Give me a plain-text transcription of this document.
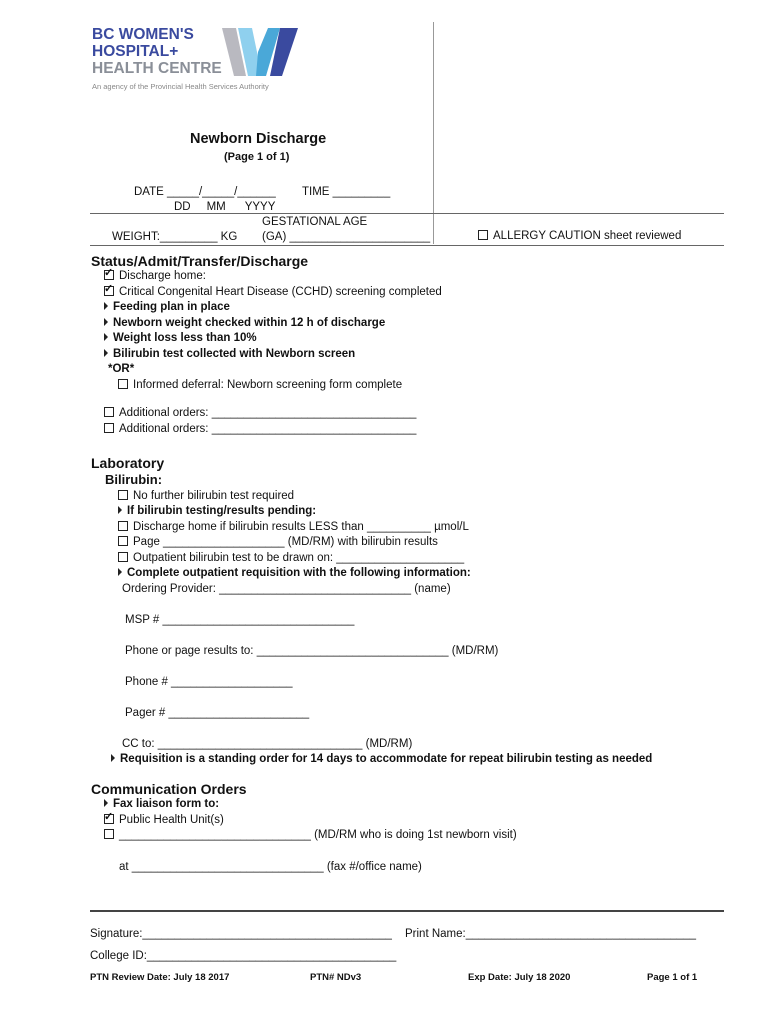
BC WOMEN'S
HOSPITAL+
HEALTH CENTRE
An agency of the Provincial Health Services Authority
Newborn Discharge
(Page 1 of 1)
DATE _____/_____/______ TIME _________
DD     MM      YYYY
GESTATIONAL AGE
WEIGHT:_________ KG (GA) ______________________	ALLERGY CAUTION sheet reviewed
Status/Admit/Transfer/Discharge
✓Discharge home:
✓Critical Congenital Heart Disease (CCHD) screening completed
Feeding plan in place
Newborn weight checked within 12 h of discharge
Weight loss less than 10%
Bilirubin test collected with Newborn screen
*OR*
Informed deferral: Newborn screening form complete
Additional orders: ________________________________
Additional orders: ________________________________
Laboratory
Bilirubin:
No further bilirubin test required
If bilirubin testing/results pending:
Discharge home if bilirubin results LESS than __________ µmol/L
Page ___________________ (MD/RM) with bilirubin results
Outpatient bilirubin test to be drawn on: ____________________
Complete outpatient requisition with the following information:
Ordering Provider: ______________________________ (name)
MSP # ______________________________
Phone or page results to: ______________________________ (MD/RM)
Phone # ___________________
Pager # ______________________
CC to: ________________________________ (MD/RM)
Requisition is a standing order for 14 days to accommodate for repeat bilirubin testing as needed
Communication Orders
Fax liaison form to:
✓Public Health Unit(s)
______________________________ (MD/RM who is doing 1st newborn visit)
at ______________________________ (fax #/office name)
Signature:_______________________________________ Print Name:____________________________________
College ID:_______________________________________
PTN Review Date: July 18 2017	PTN# NDv3	Exp Date: July 18 2020	Page 1 of 1
